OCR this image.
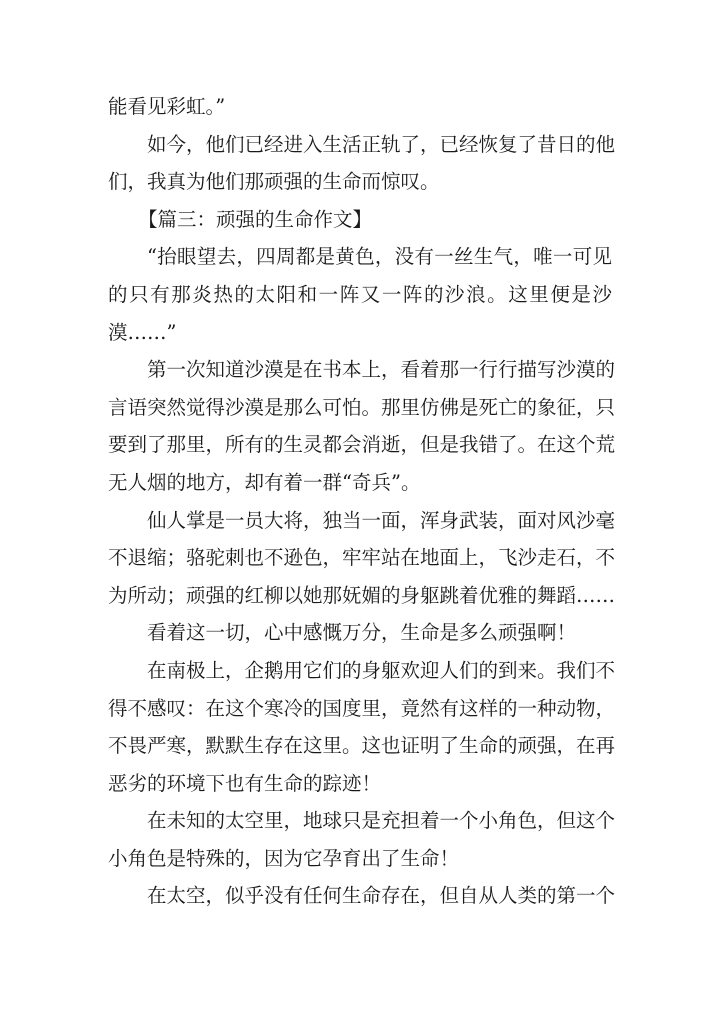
能看见彩虹。”
如今，他们已经进入生活正轨了，已经恢复了昔日的他
们，我真为他们那顽强的生命而惊叹。
【篇三：顽强的生命作文】
“抬眼望去，四周都是黄色，没有一丝生气，唯一可见
的只有那炎热的太阳和一阵又一阵的沙浪。这里便是沙
漠……”
第一次知道沙漠是在书本上，看着那一行行描写沙漠的
言语突然觉得沙漠是那么可怕。那里仿佛是死亡的象征，只
要到了那里，所有的生灵都会消逝，但是我错了。在这个荒
无人烟的地方，却有着一群“奇兵”。
仙人掌是一员大将，独当一面，浑身武装，面对风沙毫
不退缩；骆驼刺也不逊色，牢牢站在地面上，飞沙走石，不
为所动；顽强的红柳以她那妩媚的身躯跳着优雅的舞蹈……
看着这一切，心中感慨万分，生命是多么顽强啊！
在南极上，企鹅用它们的身躯欢迎人们的到来。我们不
得不感叹：在这个寒冷的国度里，竟然有这样的一种动物，
不畏严寒，默默生存在这里。这也证明了生命的顽强，在再
恶劣的环境下也有生命的踪迹！
在未知的太空里，地球只是充担着一个小角色，但这个
小角色是特殊的，因为它孕育出了生命！
在太空，似乎没有任何生命存在，但自从人类的第一个
